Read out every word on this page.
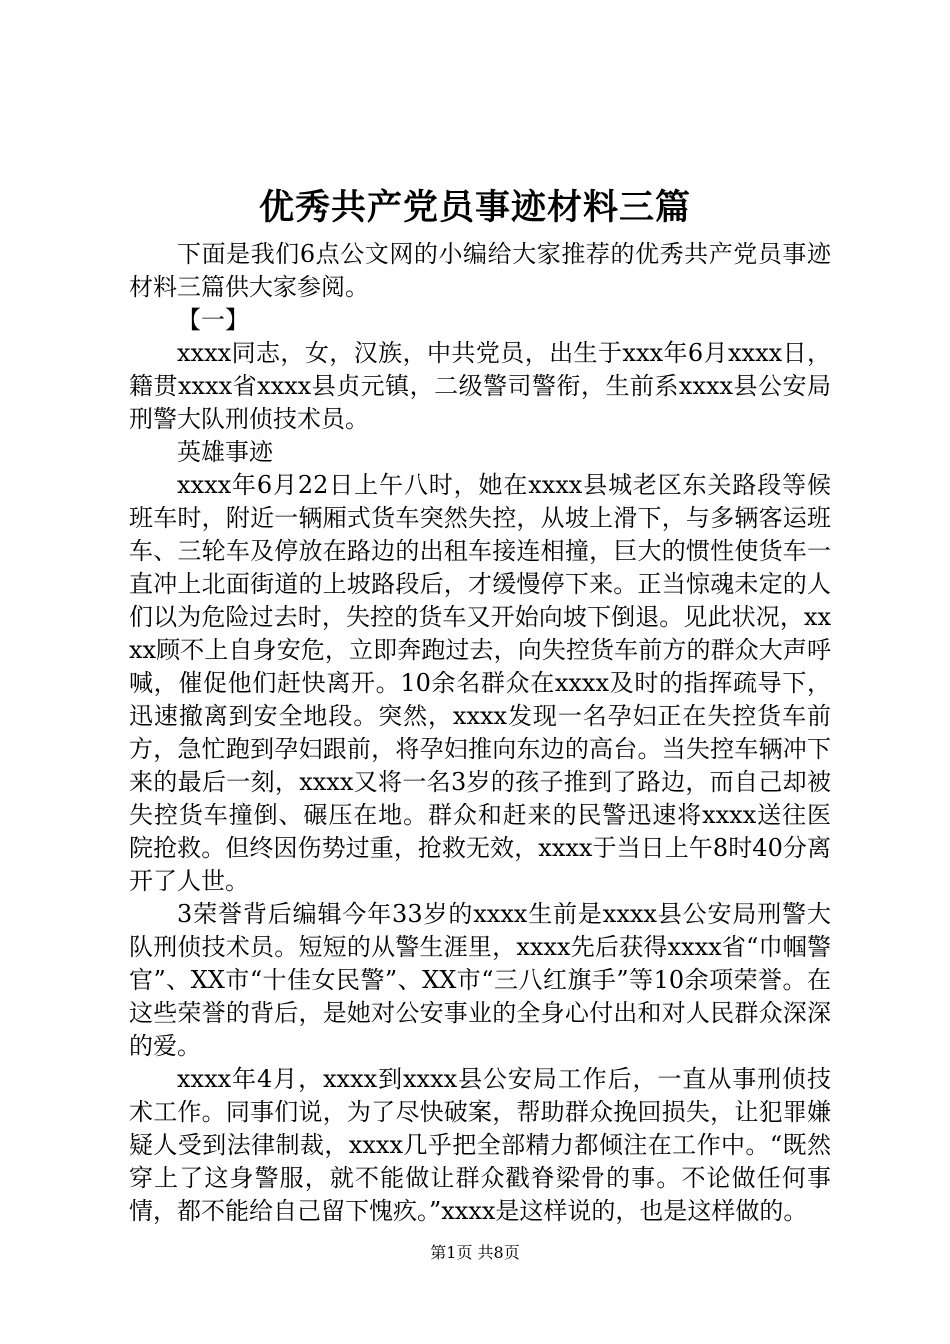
优秀共产党员事迹材料三篇

下面是我们6点公文网的小编给大家推荐的优秀共产党员事迹材料三篇供大家参阅。

【一】

xxxx同志，女，汉族，中共党员，出生于xxx年6月xxxx日，籍贯xxxx省xxxx县贞元镇，二级警司警衔，生前系xxxx县公安局刑警大队刑侦技术员。

英雄事迹

xxxx年6月22日上午八时，她在xxxx县城老区东关路段等候班车时，附近一辆厢式货车突然失控，从坡上滑下，与多辆客运班车、三轮车及停放在路边的出租车接连相撞，巨大的惯性使货车一直冲上北面街道的上坡路段后，才缓慢停下来。正当惊魂未定的人们以为危险过去时，失控的货车又开始向坡下倒退。见此状况，xxxx顾不上自身安危，立即奔跑过去，向失控货车前方的群众大声呼喊，催促他们赶快离开。10余名群众在xxxx及时的指挥疏导下，迅速撤离到安全地段。突然，xxxx发现一名孕妇正在失控货车前方，急忙跑到孕妇跟前，将孕妇推向东边的高台。当失控车辆冲下来的最后一刻，xxxx又将一名3岁的孩子推到了路边，而自己却被失控货车撞倒、碾压在地。群众和赶来的民警迅速将xxxx送往医院抢救。但终因伤势过重，抢救无效，xxxx于当日上午8时40分离开了人世。

3荣誉背后编辑今年33岁的xxxx生前是xxxx县公安局刑警大队刑侦技术员。短短的从警生涯里，xxxx先后获得xxxx省“巾帼警官”、XX市“十佳女民警”、XX市“三八红旗手”等10余项荣誉。在这些荣誉的背后，是她对公安事业的全身心付出和对人民群众深深的爱。

xxxx年4月，xxxx到xxxx县公安局工作后，一直从事刑侦技术工作。同事们说，为了尽快破案，帮助群众挽回损失，让犯罪嫌疑人受到法律制裁，xxxx几乎把全部精力都倾注在工作中。“既然穿上了这身警服，就不能做让群众戳脊梁骨的事。不论做任何事情，都不能给自己留下愧疚。”xxxx是这样说的，也是这样做的。

第1页 共8页
